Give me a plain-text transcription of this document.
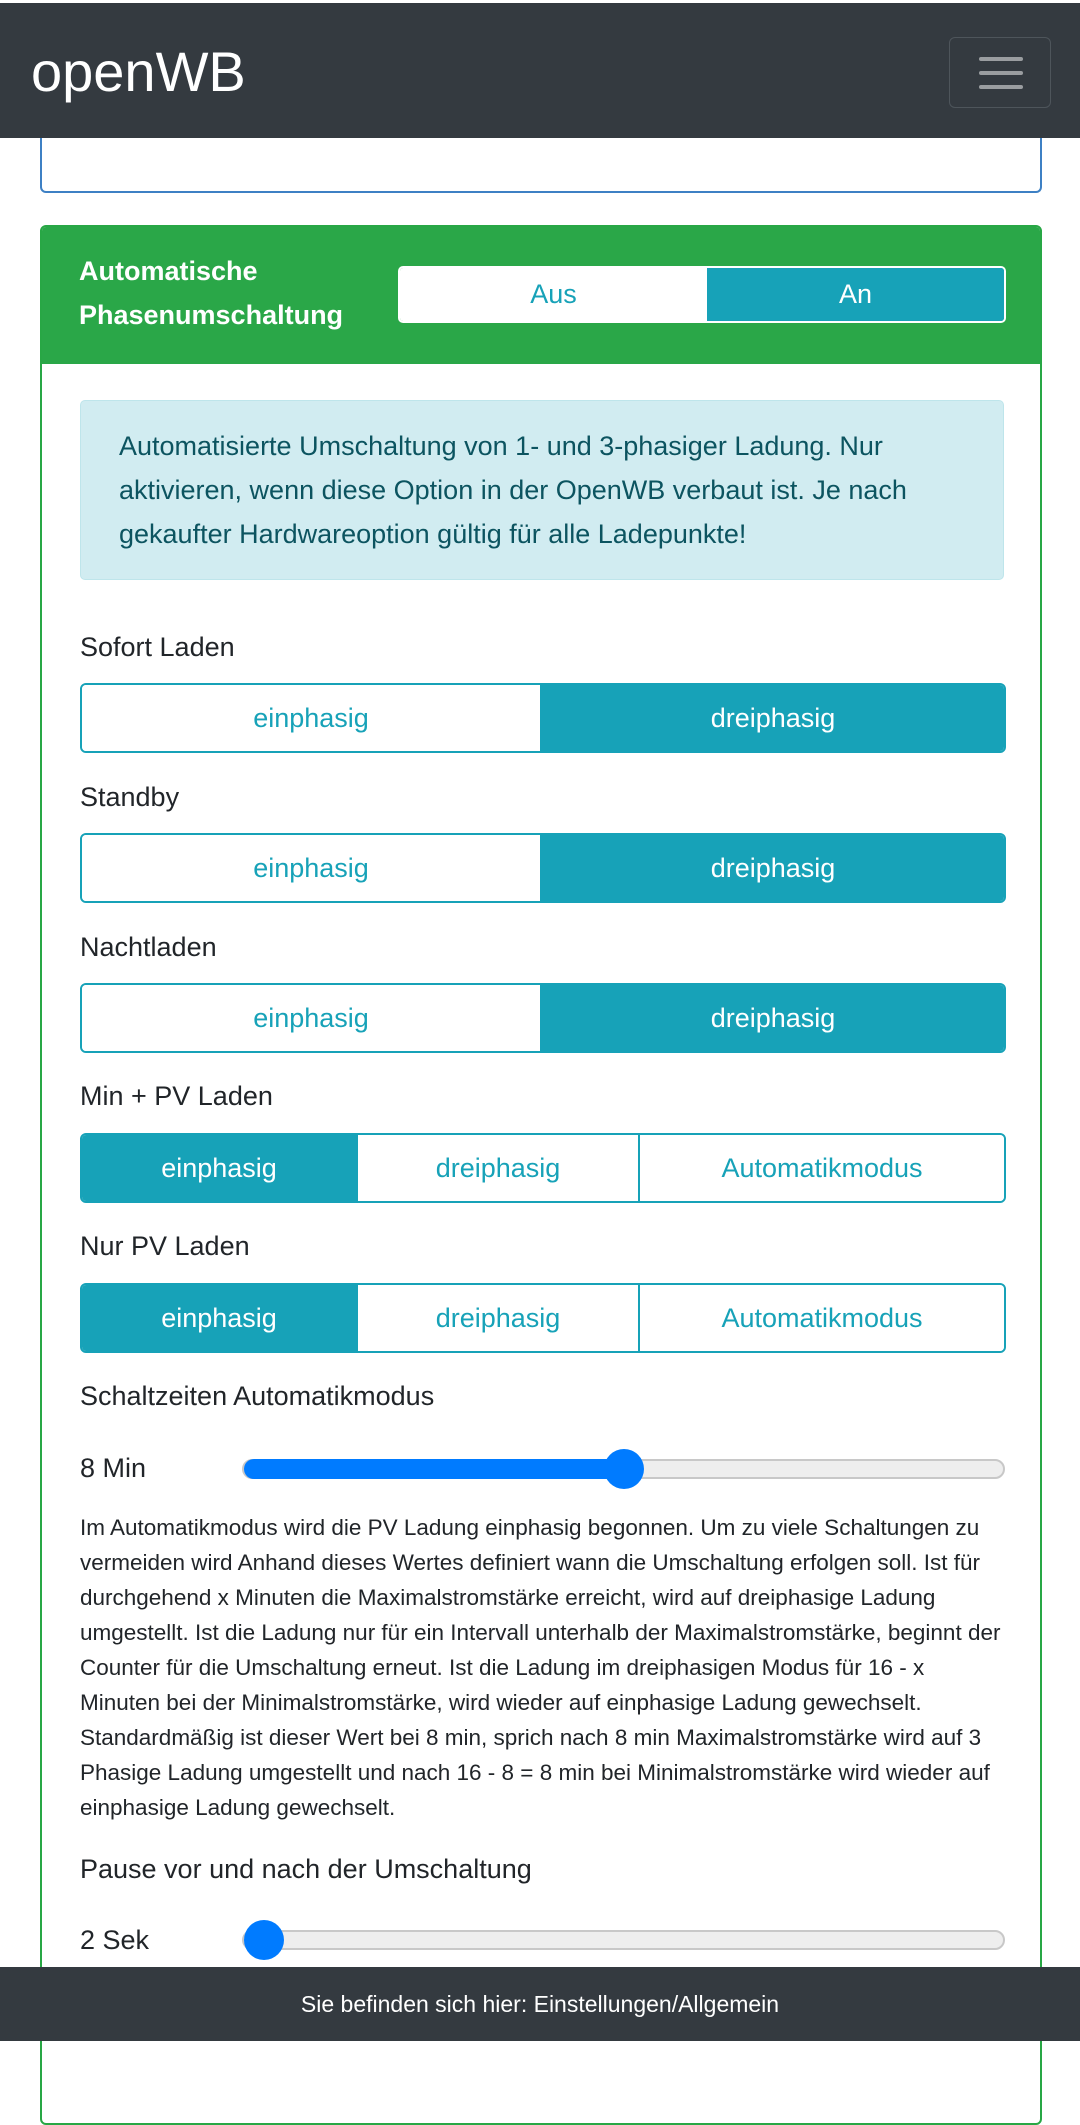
openWB
Automatische Phasenumschaltung
Aus	An
Automatisierte Umschaltung von 1- und 3-phasiger Ladung. Nur aktivieren, wenn diese Option in der OpenWB verbaut ist. Je nach gekaufter Hardwareoption gültig für alle Ladepunkte!
Sofort Laden
einphasig	dreiphasig
Standby
einphasig	dreiphasig
Nachtladen
einphasig	dreiphasig
Min + PV Laden
einphasig	dreiphasig	Automatikmodus
Nur PV Laden
einphasig	dreiphasig	Automatikmodus
Schaltzeiten Automatikmodus
8 Min
Im Automatikmodus wird die PV Ladung einphasig begonnen. Um zu viele Schaltungen zu vermeiden wird Anhand dieses Wertes definiert wann die Umschaltung erfolgen soll. Ist für durchgehend x Minuten die Maximalstromstärke erreicht, wird auf dreiphasige Ladung umgestellt. Ist die Ladung nur für ein Intervall unterhalb der Maximalstromstärke, beginnt der Counter für die Umschaltung erneut. Ist die Ladung im dreiphasigen Modus für 16 - x Minuten bei der Minimalstromstärke, wird wieder auf einphasige Ladung gewechselt. Standardmäßig ist dieser Wert bei 8 min, sprich nach 8 min Maximalstromstärke wird auf 3 Phasige Ladung umgestellt und nach 16 - 8 = 8 min bei Minimalstromstärke wird wieder auf einphasige Ladung gewechselt.
Pause vor und nach der Umschaltung
2 Sek
Sie befinden sich hier: Einstellungen/Allgemein
